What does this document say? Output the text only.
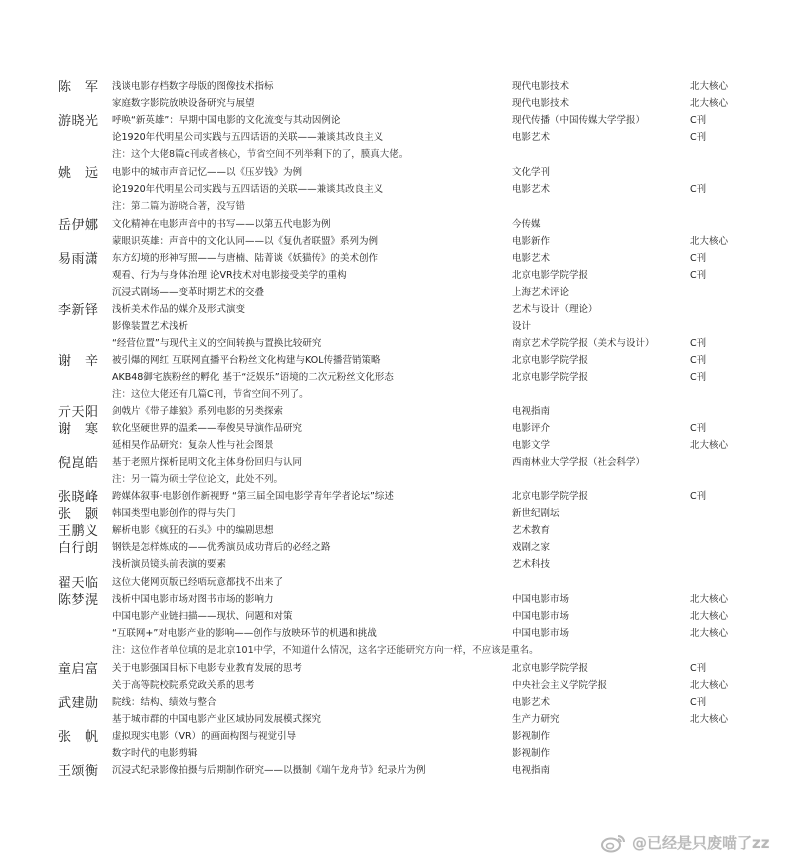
陈　军 浅谈电影存档数字母版的图像技术指标	现代电影技术	北大核心
家庭数字影院放映设备研究与展望	现代电影技术	北大核心
游晓光 呼唤“新英雄”：早期中国电影的文化流变与其动因例论	现代传播（中国传媒大学学报）	C刊
论1920年代明星公司实践与五四话语的关联——兼谈其改良主义	电影艺术	C刊
注：这个大佬8篇c刊或者核心，节省空间不列举剩下的了，膜真大佬。
姚　远 电影中的城市声音记忆——以《压岁钱》为例	文化学刊
论1920年代明星公司实践与五四话语的关联——兼谈其改良主义	电影艺术	C刊
注：第二篇为游晓合著，没写错
岳伊娜 文化精神在电影声音中的书写——以第五代电影为例	今传媒
蒙眼识英雄：声音中的文化认同——以《复仇者联盟》系列为例	电影新作	北大核心
易雨潇 东方幻境的形神写照——与唐楠、陆菁谈《妖猫传》的美术创作	电影艺术	C刊
观看、行为与身体治理 论VR技术对电影接受美学的重构	北京电影学院学报	C刊
沉浸式剧场——变革时期艺术的交叠	上海艺术评论
李新铎 浅析美术作品的媒介及形式演变	艺术与设计（理论）
影像装置艺术浅析	设计
“经营位置”与现代主义的空间转换与置换比较研究	南京艺术学院学报（美术与设计）	C刊
谢　辛 被引爆的网红 互联网直播平台粉丝文化构建与KOL传播营销策略	北京电影学院学报	C刊
AKB48御宅族粉丝的孵化 基于“泛娱乐”语境的二次元粉丝文化形态	北京电影学院学报	C刊
注：这位大佬还有几篇C刊，节省空间不列了。
亓天阳 剑戟片《带子雄狼》系列电影的另类探索	电视指南
谢　寒 软化坚硬世界的温柔——奉俊昊导演作品研究	电影评介	C刊
延相昊作品研究：复杂人性与社会图景	电影文学	北大核心
倪崑皓 基于老照片探析昆明文化主体身份回归与认同	西南林业大学学报（社会科学）
注：另一篇为硕士学位论文，此处不列。
张晓峰 跨媒体叙事·电影创作新视野 “第三届全国电影学青年学者论坛”综述	北京电影学院学报	C刊
张　颢 韩国类型电影创作的得与失门	新世纪剧坛
王鹏义 解析电影《疯狂的石头》中的编剧思想	艺术教育
白行朗 钢铁是怎样炼成的——优秀演员成功背后的必经之路	戏剧之家
浅析演员镜头前表演的要素	艺术科技
翟天临 这位大佬网页版已经唔玩意都找不出来了
陈梦滉 浅析中国电影市场对图书市场的影响力	中国电影市场	北大核心
中国电影产业链扫描——现状、问题和对策	中国电影市场	北大核心
“互联网+”对电影产业的影响——创作与放映环节的机遇和挑战	中国电影市场	北大核心
注：这位作者单位填的是北京101中学，不知道什么情况，这名字还能研究方向一样，不应该是重名。
童启富 关于电影强国目标下电影专业教育发展的思考	北京电影学院学报	C刊
关于高等院校院系党政关系的思考	中央社会主义学院学报	北大核心
武建勋 院线：结构、绩效与整合	电影艺术	C刊
基于城市群的中国电影产业区域协同发展模式探究	生产力研究	北大核心
张　帆 虚拟现实电影（VR）的画面构图与视觉引导	影视制作
数字时代的电影剪辑	影视制作
王颂衡 沉浸式纪录影像拍摄与后期制作研究——以摄制《端午龙舟节》纪录片为例	电视指南
@已经是只废喵了zz
